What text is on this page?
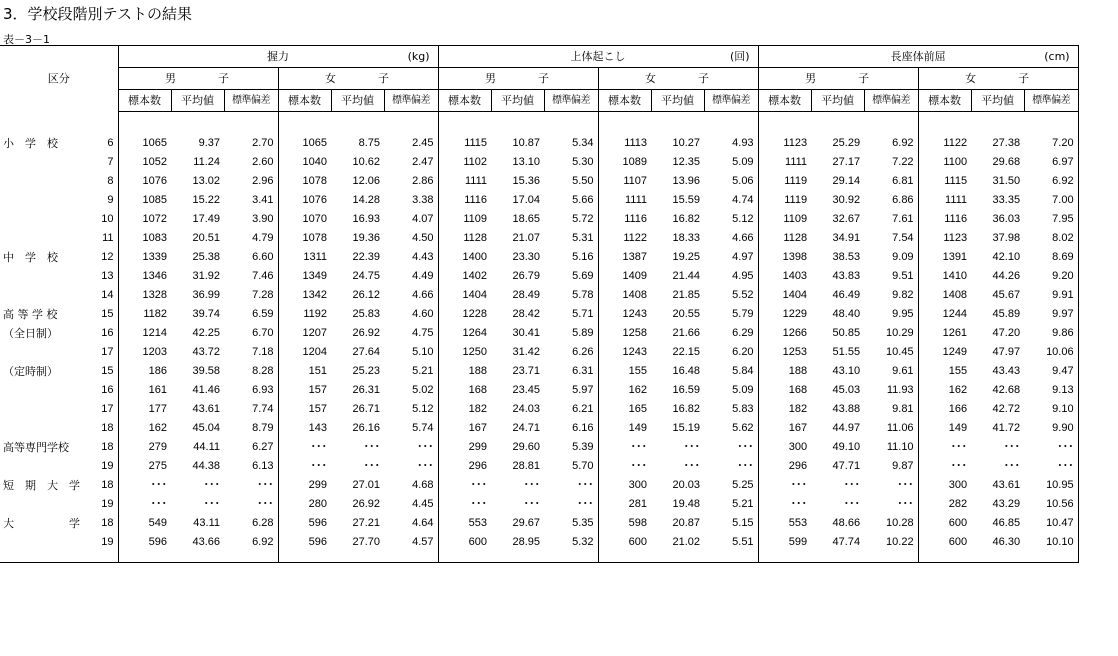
3．学校段階別テストの結果
表－3－1
区分		握力 (kg)						上体起こし (回)						長座体前屈 (cm)					

		男 子			女 子			男 子			女 子			男 子			女 子		
		標本数	平均値	標準偏差	標本数	平均値	標準偏差	標本数	平均値	標準偏差	標本数	平均値	標準偏差	標本数	平均値	標準偏差	標本数	平均値	標準偏差

小　学　校	6	1065	9.37	2.70	1065	8.75	2.45	1115	10.87	5.34	1113	10.27	4.93	1123	25.29	6.92	1122	27.38	7.20
	7	1052	11.24	2.60	1040	10.62	2.47	1102	13.10	5.30	1089	12.35	5.09	1111	27.17	7.22	1100	29.68	6.97
	8	1076	13.02	2.96	1078	12.06	2.86	1111	15.36	5.50	1107	13.96	5.06	1119	29.14	6.81	1115	31.50	6.92
	9	1085	15.22	3.41	1076	14.28	3.38	1116	17.04	5.66	1111	15.59	4.74	1119	30.92	6.86	1111	33.35	7.00
	10	1072	17.49	3.90	1070	16.93	4.07	1109	18.65	5.72	1116	16.82	5.12	1109	32.67	7.61	1116	36.03	7.95
	11	1083	20.51	4.79	1078	19.36	4.50	1128	21.07	5.31	1122	18.33	4.66	1128	34.91	7.54	1123	37.98	8.02
中　学　校	12	1339	25.38	6.60	1311	22.39	4.43	1400	23.30	5.16	1387	19.25	4.97	1398	38.53	9.09	1391	42.10	8.69
	13	1346	31.92	7.46	1349	24.75	4.49	1402	26.79	5.69	1409	21.44	4.95	1403	43.83	9.51	1410	44.26	9.20
	14	1328	36.99	7.28	1342	26.12	4.66	1404	28.49	5.78	1408	21.85	5.52	1404	46.49	9.82	1408	45.67	9.91
高 等 学 校	15	1182	39.74	6.59	1192	25.83	4.60	1228	28.42	5.71	1243	20.55	5.79	1229	48.40	9.95	1244	45.89	9.97
（全日制）	16	1214	42.25	6.70	1207	26.92	4.75	1264	30.41	5.89	1258	21.66	6.29	1266	50.85	10.29	1261	47.20	9.86
	17	1203	43.72	7.18	1204	27.64	5.10	1250	31.42	6.26	1243	22.15	6.20	1253	51.55	10.45	1249	47.97	10.06
（定時制）	15	186	39.58	8.28	151	25.23	5.21	188	23.71	6.31	155	16.48	5.84	188	43.10	9.61	155	43.43	9.47
	16	161	41.46	6.93	157	26.31	5.02	168	23.45	5.97	162	16.59	5.09	168	45.03	11.93	162	42.68	9.13
	17	177	43.61	7.74	157	26.71	5.12	182	24.03	6.21	165	16.82	5.83	182	43.88	9.81	166	42.72	9.10
	18	162	45.04	8.79	143	26.16	5.74	167	24.71	6.16	149	15.19	5.62	167	44.97	11.06	149	41.72	9.90
高等専門学校	18	279	44.11	6.27	･･･	･･･	･･･	299	29.60	5.39	･･･	･･･	･･･	300	49.10	11.10	･･･	･･･	･･･
	19	275	44.38	6.13	･･･	･･･	･･･	296	28.81	5.70	･･･	･･･	･･･	296	47.71	9.87	･･･	･･･	･･･
短　期　大　学	18	･･･	･･･	･･･	299	27.01	4.68	･･･	･･･	･･･	300	20.03	5.25	･･･	･･･	･･･	300	43.61	10.95
	19	･･･	･･･	･･･	280	26.92	4.45	･･･	･･･	･･･	281	19.48	5.21	･･･	･･･	･･･	282	43.29	10.56
大　　　　　学	18	549	43.11	6.28	596	27.21	4.64	553	29.67	5.35	598	20.87	5.15	553	48.66	10.28	600	46.85	10.47
	19	596	43.66	6.92	596	27.70	4.57	600	28.95	5.32	600	21.02	5.51	599	47.74	10.22	600	46.30	10.10
